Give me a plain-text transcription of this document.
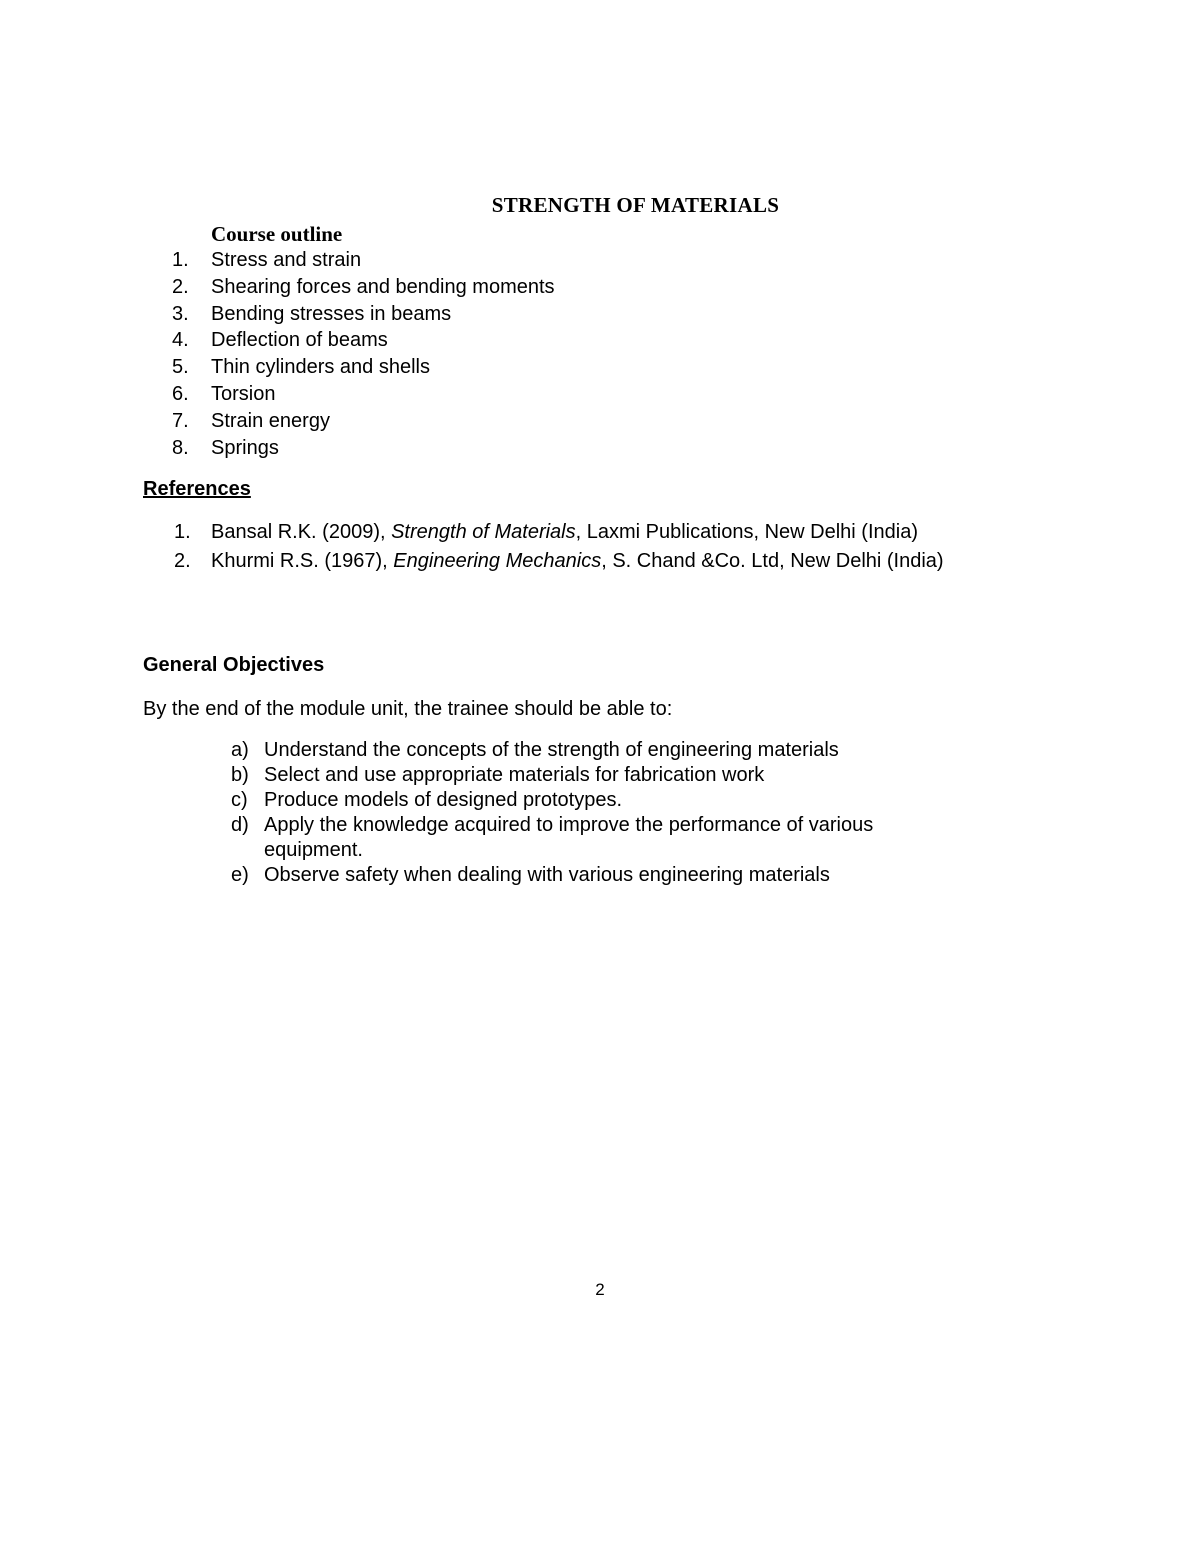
STRENGTH OF MATERIALS
Course outline
1. Stress and strain
2. Shearing forces and bending moments
3. Bending stresses in beams
4. Deflection of beams
5. Thin cylinders and shells
6. Torsion
7. Strain energy
8. Springs
References
1. Bansal R.K. (2009), Strength of Materials, Laxmi Publications, New Delhi (India)
2. Khurmi R.S. (1967), Engineering Mechanics, S. Chand &Co. Ltd, New Delhi (India)
General Objectives
By the end of the module unit, the trainee should be able to:
a) Understand the concepts of the strength of engineering materials
b) Select and use appropriate materials for fabrication work
c) Produce models of designed prototypes.
d) Apply the knowledge acquired to improve the performance of various equipment.
e) Observe safety when dealing with various engineering materials
2
